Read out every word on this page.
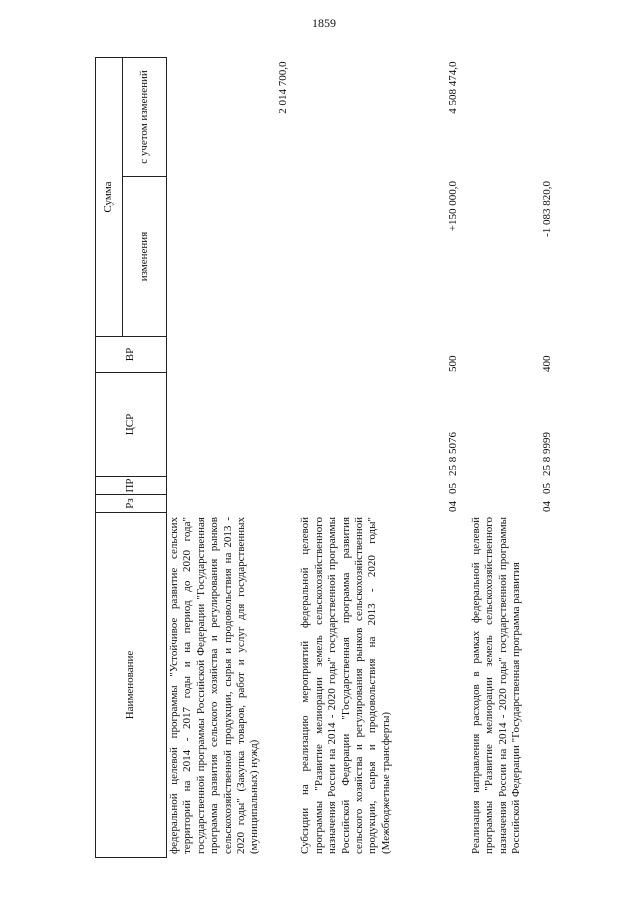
1859
Наименование	Рз	ПР	ЦСР	ВР	Сумма	
					изменения	с учетом изменений
федеральной целевой программы "Устойчивое развитие сельских территорий на 2014 - 2017 годы и на период до 2020 года" государственной программы Российской Федерации "Государственная программа развития сельского хозяйства и регулирования рынков сельскохозяйственной продукции, сырья и продовольствия на 2013 - 2020 годы" (Закупка товаров, работ и услуг для государственных (муниципальных) нужд)						2 014 700,0
Субсидии на реализацию мероприятий федеральной целевой программы "Развитие мелиорации земель сельскохозяйственного назначения России на 2014 - 2020 годы" государственной программы Российской Федерации "Государственная программа развития сельского хозяйства и регулирования рынков сельскохозяйственной продукции, сырья и продовольствия на 2013 - 2020 годы" (Межбюджетные трансферты)	04	05	25 8 5076	500	+150 000,0	4 508 474,0
Реализация направления расходов в рамках федеральной целевой программы "Развитие мелиорации земель сельскохозяйственного назначения России на 2014 - 2020 годы" государственной программы Российской Федерации "Государственная программа развития	04	05	25 8 9999	400	-1 083 820,0	
